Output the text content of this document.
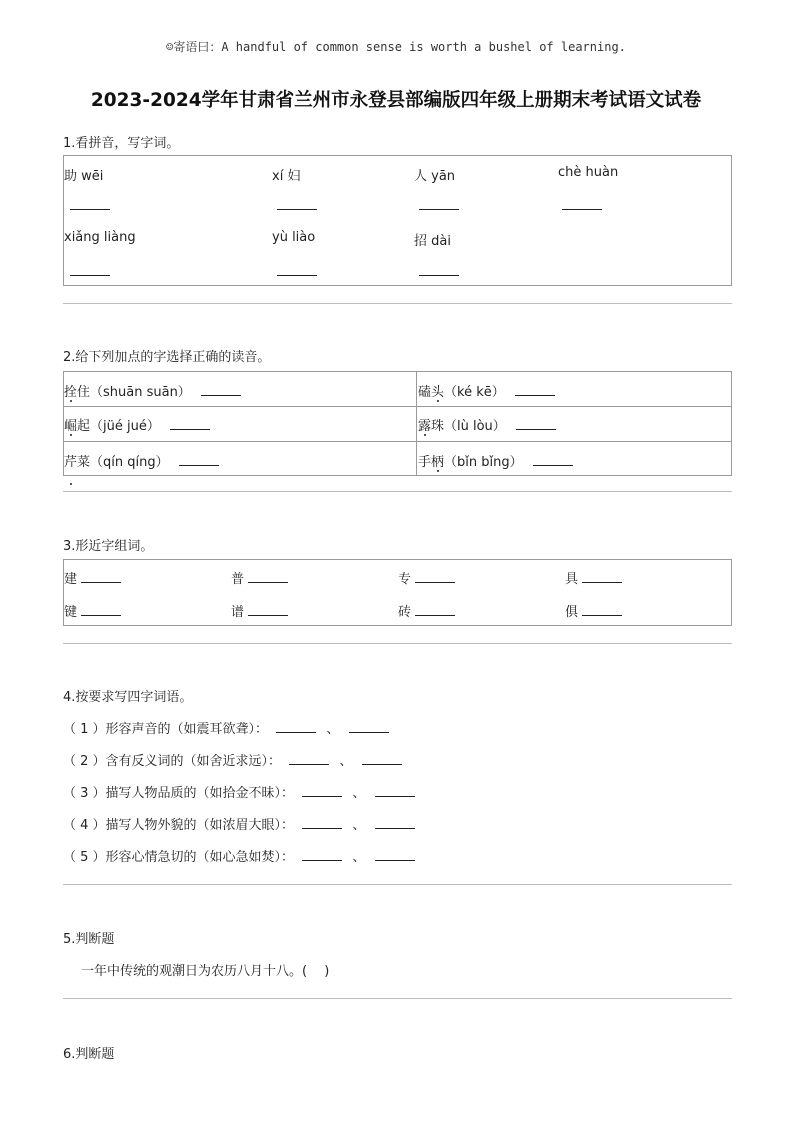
☺寄语曰：A handful of common sense is worth a bushel of learning.
2023-2024学年甘肃省兰州市永登县部编版四年级上册期末考试语文试卷
1.看拼音，写字词。
助 wēi	xí 妇	人 yān	chè huàn
xiǎng liàng	yù liào	招 dài
2.给下列加点的字选择正确的读音。
拴住（shuān suān）	磕头（ké kē）
崛起（jüé jué）	露珠（lù lòu）
芹菜（qín qíng）	手柄（bǐn bǐng）
3.形近字组词。
建	普	专	具
键	谱	砖	俱
4.按要求写四字词语。
（ 1 ）形容声音的（如震耳欲聋）：	、
（ 2 ）含有反义词的（如舍近求远）：	、
（ 3 ）描写人物品质的（如拾金不昧）：	、
（ 4 ）描写人物外貌的（如浓眉大眼）：	、
（ 5 ）形容心情急切的（如心急如焚）：	、
5.判断题
一年中传统的观潮日为农历八月十八。(　 )
6.判断题
